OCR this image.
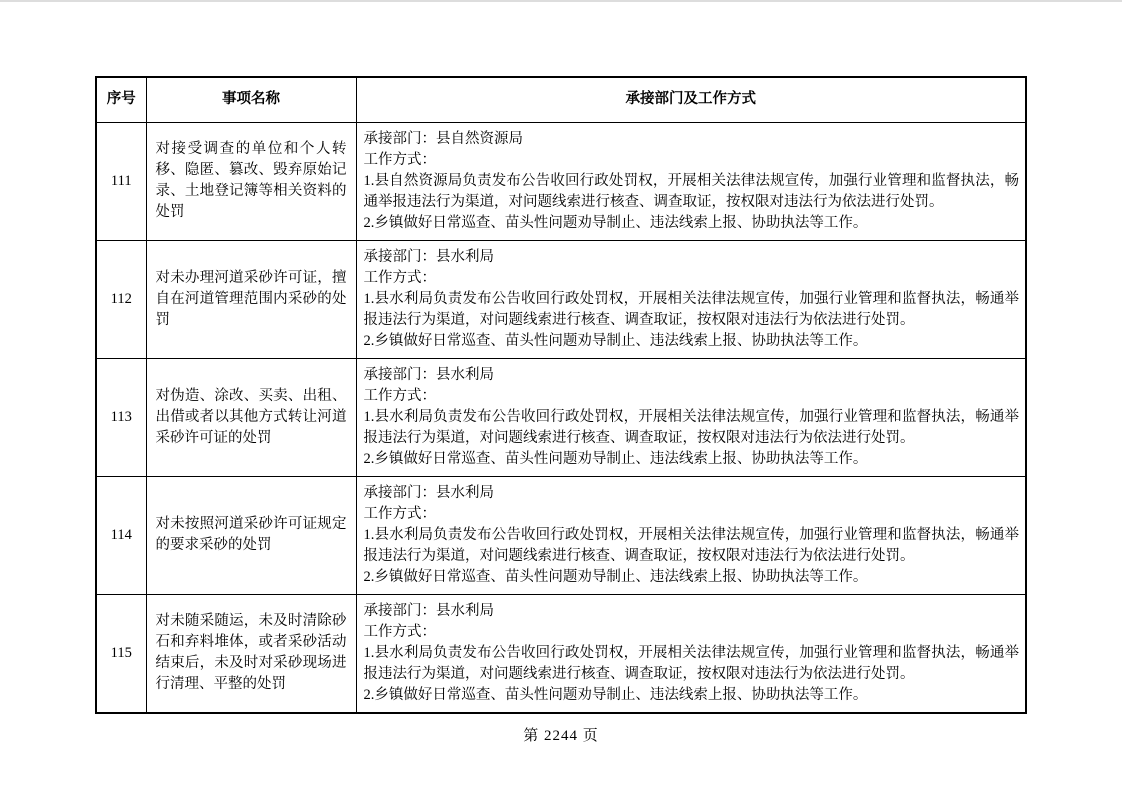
序号	事项名称	承接部门及工作方式
111	对接受调查的单位和个人转移、隐匿、篡改、毁弃原始记录、土地登记簿等相关资料的处罚	承接部门：县自然资源局
工作方式：
1.县自然资源局负责发布公告收回行政处罚权，开展相关法律法规宣传，加强行业管理和监督执法，畅通举报违法行为渠道，对问题线索进行核查、调查取证，按权限对违法行为依法进行处罚。
2.乡镇做好日常巡查、苗头性问题劝导制止、违法线索上报、协助执法等工作。

112	对未办理河道采砂许可证，擅自在河道管理范围内采砂的处罚	承接部门：县水利局
工作方式：
1.县水利局负责发布公告收回行政处罚权，开展相关法律法规宣传，加强行业管理和监督执法，畅通举报违法行为渠道，对问题线索进行核查、调查取证，按权限对违法行为依法进行处罚。
2.乡镇做好日常巡查、苗头性问题劝导制止、违法线索上报、协助执法等工作。

113	对伪造、涂改、买卖、出租、出借或者以其他方式转让河道采砂许可证的处罚	承接部门：县水利局
工作方式：
1.县水利局负责发布公告收回行政处罚权，开展相关法律法规宣传，加强行业管理和监督执法，畅通举报违法行为渠道，对问题线索进行核查、调查取证，按权限对违法行为依法进行处罚。
2.乡镇做好日常巡查、苗头性问题劝导制止、违法线索上报、协助执法等工作。

114	对未按照河道采砂许可证规定的要求采砂的处罚	承接部门：县水利局
工作方式：
1.县水利局负责发布公告收回行政处罚权，开展相关法律法规宣传，加强行业管理和监督执法，畅通举报违法行为渠道，对问题线索进行核查、调查取证，按权限对违法行为依法进行处罚。
2.乡镇做好日常巡查、苗头性问题劝导制止、违法线索上报、协助执法等工作。

115	对未随采随运，未及时清除砂石和弃料堆体，或者采砂活动结束后，未及时对采砂现场进行清理、平整的处罚	承接部门：县水利局
工作方式：
1.县水利局负责发布公告收回行政处罚权，开展相关法律法规宣传，加强行业管理和监督执法，畅通举报违法行为渠道，对问题线索进行核查、调查取证，按权限对违法行为依法进行处罚。
2.乡镇做好日常巡查、苗头性问题劝导制止、违法线索上报、协助执法等工作。
第 2244 页
